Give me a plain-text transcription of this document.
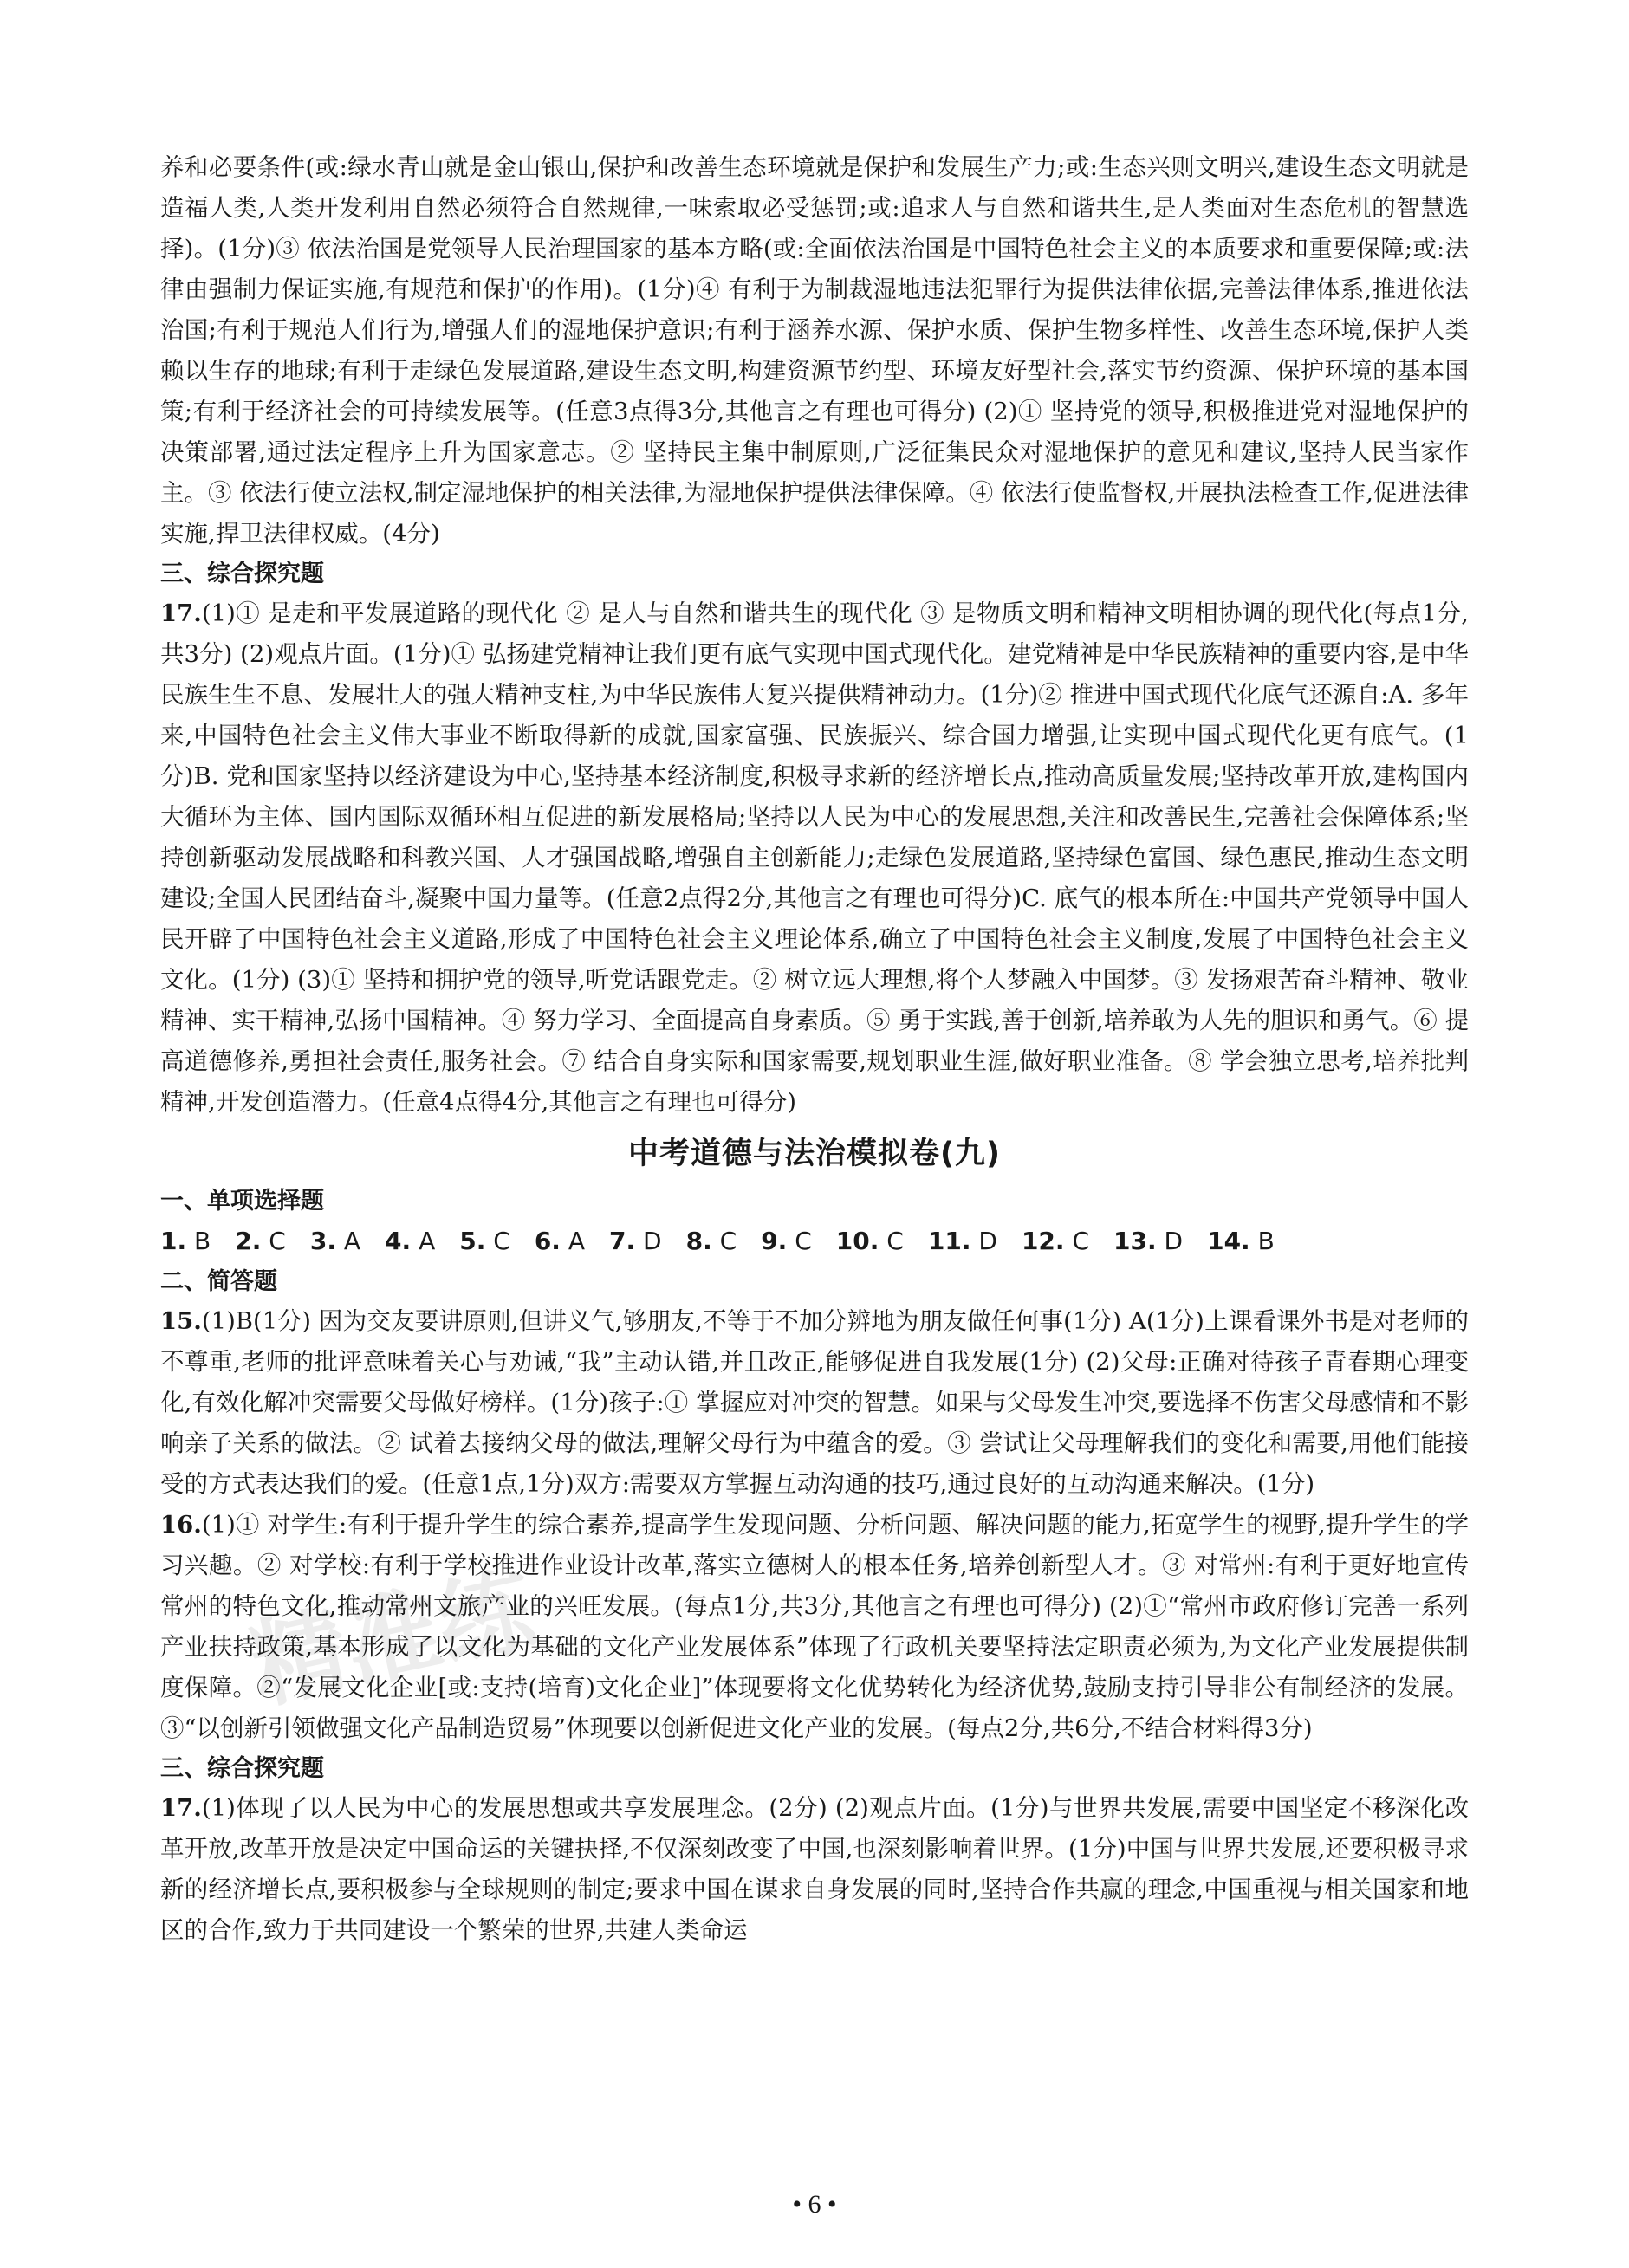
养和必要条件(或:绿水青山就是金山银山,保护和改善生态环境就是保护和发展生产力;或:生态兴则文明兴,建设生态文明就是造福人类,人类开发利用自然必须符合自然规律,一味索取必受惩罚;或:追求人与自然和谐共生,是人类面对生态危机的智慧选择)。(1分)③ 依法治国是党领导人民治理国家的基本方略(或:全面依法治国是中国特色社会主义的本质要求和重要保障;或:法律由强制力保证实施,有规范和保护的作用)。(1分)④ 有利于为制裁湿地违法犯罪行为提供法律依据,完善法律体系,推进依法治国;有利于规范人们行为,增强人们的湿地保护意识;有利于涵养水源、保护水质、保护生物多样性、改善生态环境,保护人类赖以生存的地球;有利于走绿色发展道路,建设生态文明,构建资源节约型、环境友好型社会,落实节约资源、保护环境的基本国策;有利于经济社会的可持续发展等。(任意3点得3分,其他言之有理也可得分) (2)① 坚持党的领导,积极推进党对湿地保护的决策部署,通过法定程序上升为国家意志。② 坚持民主集中制原则,广泛征集民众对湿地保护的意见和建议,坚持人民当家作主。③ 依法行使立法权,制定湿地保护的相关法律,为湿地保护提供法律保障。④ 依法行使监督权,开展执法检查工作,促进法律实施,捍卫法律权威。(4分)

三、综合探究题

17.(1)① 是走和平发展道路的现代化 ② 是人与自然和谐共生的现代化 ③ 是物质文明和精神文明相协调的现代化(每点1分,共3分) (2)观点片面。(1分)① 弘扬建党精神让我们更有底气实现中国式现代化。建党精神是中华民族精神的重要内容,是中华民族生生不息、发展壮大的强大精神支柱,为中华民族伟大复兴提供精神动力。(1分)② 推进中国式现代化底气还源自:A. 多年来,中国特色社会主义伟大事业不断取得新的成就,国家富强、民族振兴、综合国力增强,让实现中国式现代化更有底气。(1分)B. 党和国家坚持以经济建设为中心,坚持基本经济制度,积极寻求新的经济增长点,推动高质量发展;坚持改革开放,建构国内大循环为主体、国内国际双循环相互促进的新发展格局;坚持以人民为中心的发展思想,关注和改善民生,完善社会保障体系;坚持创新驱动发展战略和科教兴国、人才强国战略,增强自主创新能力;走绿色发展道路,坚持绿色富国、绿色惠民,推动生态文明建设;全国人民团结奋斗,凝聚中国力量等。(任意2点得2分,其他言之有理也可得分)C. 底气的根本所在:中国共产党领导中国人民开辟了中国特色社会主义道路,形成了中国特色社会主义理论体系,确立了中国特色社会主义制度,发展了中国特色社会主义文化。(1分) (3)① 坚持和拥护党的领导,听党话跟党走。② 树立远大理想,将个人梦融入中国梦。③ 发扬艰苦奋斗精神、敬业精神、实干精神,弘扬中国精神。④ 努力学习、全面提高自身素质。⑤ 勇于实践,善于创新,培养敢为人先的胆识和勇气。⑥ 提高道德修养,勇担社会责任,服务社会。⑦ 结合自身实际和国家需要,规划职业生涯,做好职业准备。⑧ 学会独立思考,培养批判精神,开发创造潜力。(任意4点得4分,其他言之有理也可得分)

中考道德与法治模拟卷(九)

一、单项选择题

1. B 2. C 3. A 4. A 5. C 6. A 7. D 8. C 9. C 10. C 11. D 12. C 13. D 14. B

二、简答题

15.(1)B(1分) 因为交友要讲原则,但讲义气,够朋友,不等于不加分辨地为朋友做任何事(1分) A(1分)上课看课外书是对老师的不尊重,老师的批评意味着关心与劝诫,“我”主动认错,并且改正,能够促进自我发展(1分) (2)父母:正确对待孩子青春期心理变化,有效化解冲突需要父母做好榜样。(1分)孩子:① 掌握应对冲突的智慧。如果与父母发生冲突,要选择不伤害父母感情和不影响亲子关系的做法。② 试着去接纳父母的做法,理解父母行为中蕴含的爱。③ 尝试让父母理解我们的变化和需要,用他们能接受的方式表达我们的爱。(任意1点,1分)双方:需要双方掌握互动沟通的技巧,通过良好的互动沟通来解决。(1分)

16.(1)① 对学生:有利于提升学生的综合素养,提高学生发现问题、分析问题、解决问题的能力,拓宽学生的视野,提升学生的学习兴趣。② 对学校:有利于学校推进作业设计改革,落实立德树人的根本任务,培养创新型人才。③ 对常州:有利于更好地宣传常州的特色文化,推动常州文旅产业的兴旺发展。(每点1分,共3分,其他言之有理也可得分) (2)①“常州市政府修订完善一系列产业扶持政策,基本形成了以文化为基础的文化产业发展体系”体现了行政机关要坚持法定职责必须为,为文化产业发展提供制度保障。②“发展文化企业[或:支持(培育)文化企业]”体现要将文化优势转化为经济优势,鼓励支持引导非公有制经济的发展。③“以创新引领做强文化产品制造贸易”体现要以创新促进文化产业的发展。(每点2分,共6分,不结合材料得3分)

三、综合探究题

17.(1)体现了以人民为中心的发展思想或共享发展理念。(2分) (2)观点片面。(1分)与世界共发展,需要中国坚定不移深化改革开放,改革开放是决定中国命运的关键抉择,不仅深刻改变了中国,也深刻影响着世界。(1分)中国与世界共发展,还要积极寻求新的经济增长点,要积极参与全球规则的制定;要求中国在谋求自身发展的同时,坚持合作共赢的理念,中国重视与相关国家和地区的合作,致力于共同建设一个繁荣的世界,共建人类命运

精准练
• 6 •
